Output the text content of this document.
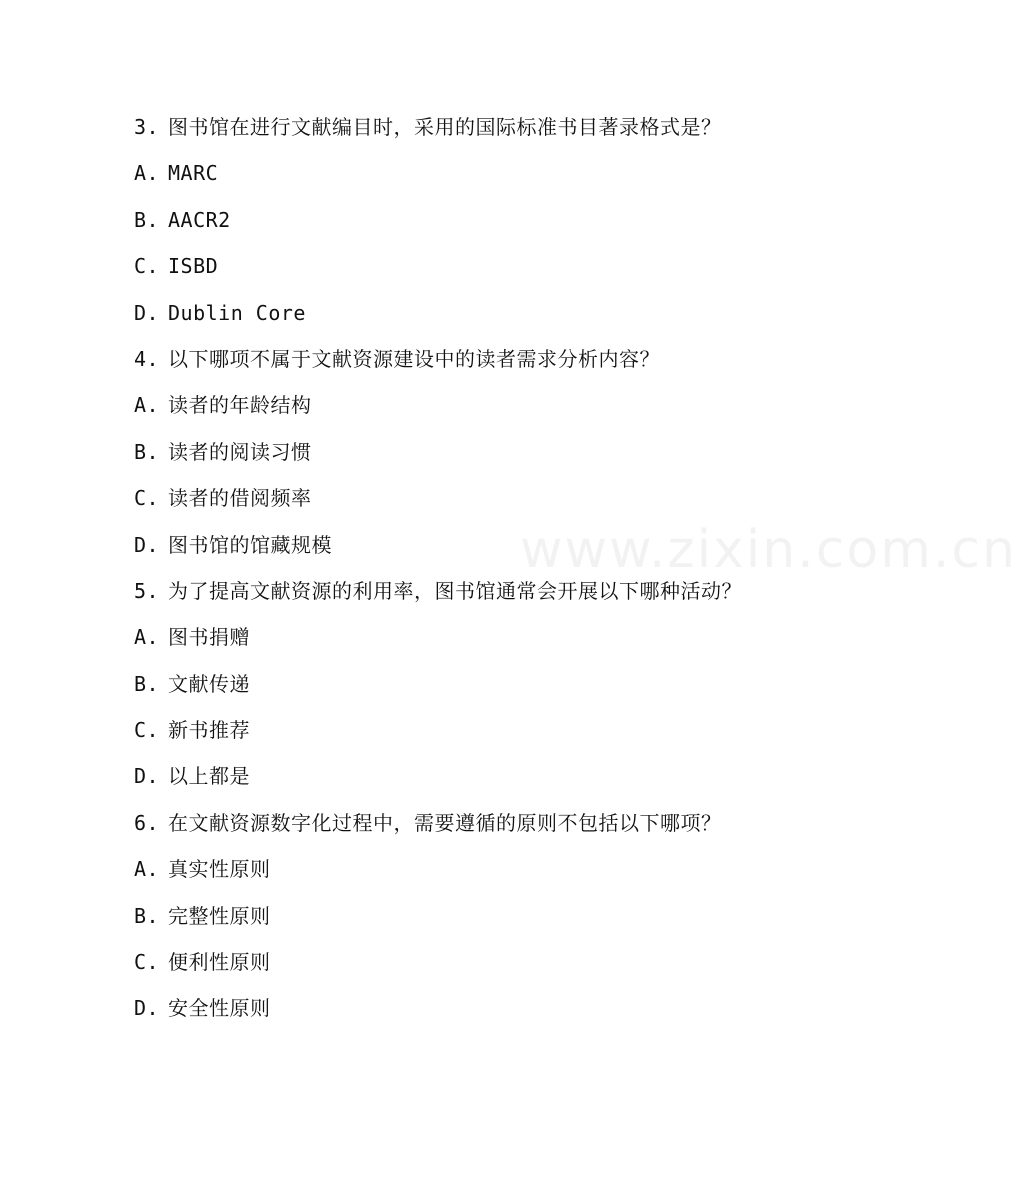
www.zixin.com.cn
3. 图书馆在进行文献编目时，采用的国际标准书目著录格式是？
A. MARC
B. AACR2
C. ISBD
D. Dublin Core
4. 以下哪项不属于文献资源建设中的读者需求分析内容？
A. 读者的年龄结构
B. 读者的阅读习惯
C. 读者的借阅频率
D. 图书馆的馆藏规模
5. 为了提高文献资源的利用率，图书馆通常会开展以下哪种活动？
A. 图书捐赠
B. 文献传递
C. 新书推荐
D. 以上都是
6. 在文献资源数字化过程中，需要遵循的原则不包括以下哪项？
A. 真实性原则
B. 完整性原则
C. 便利性原则
D. 安全性原则
